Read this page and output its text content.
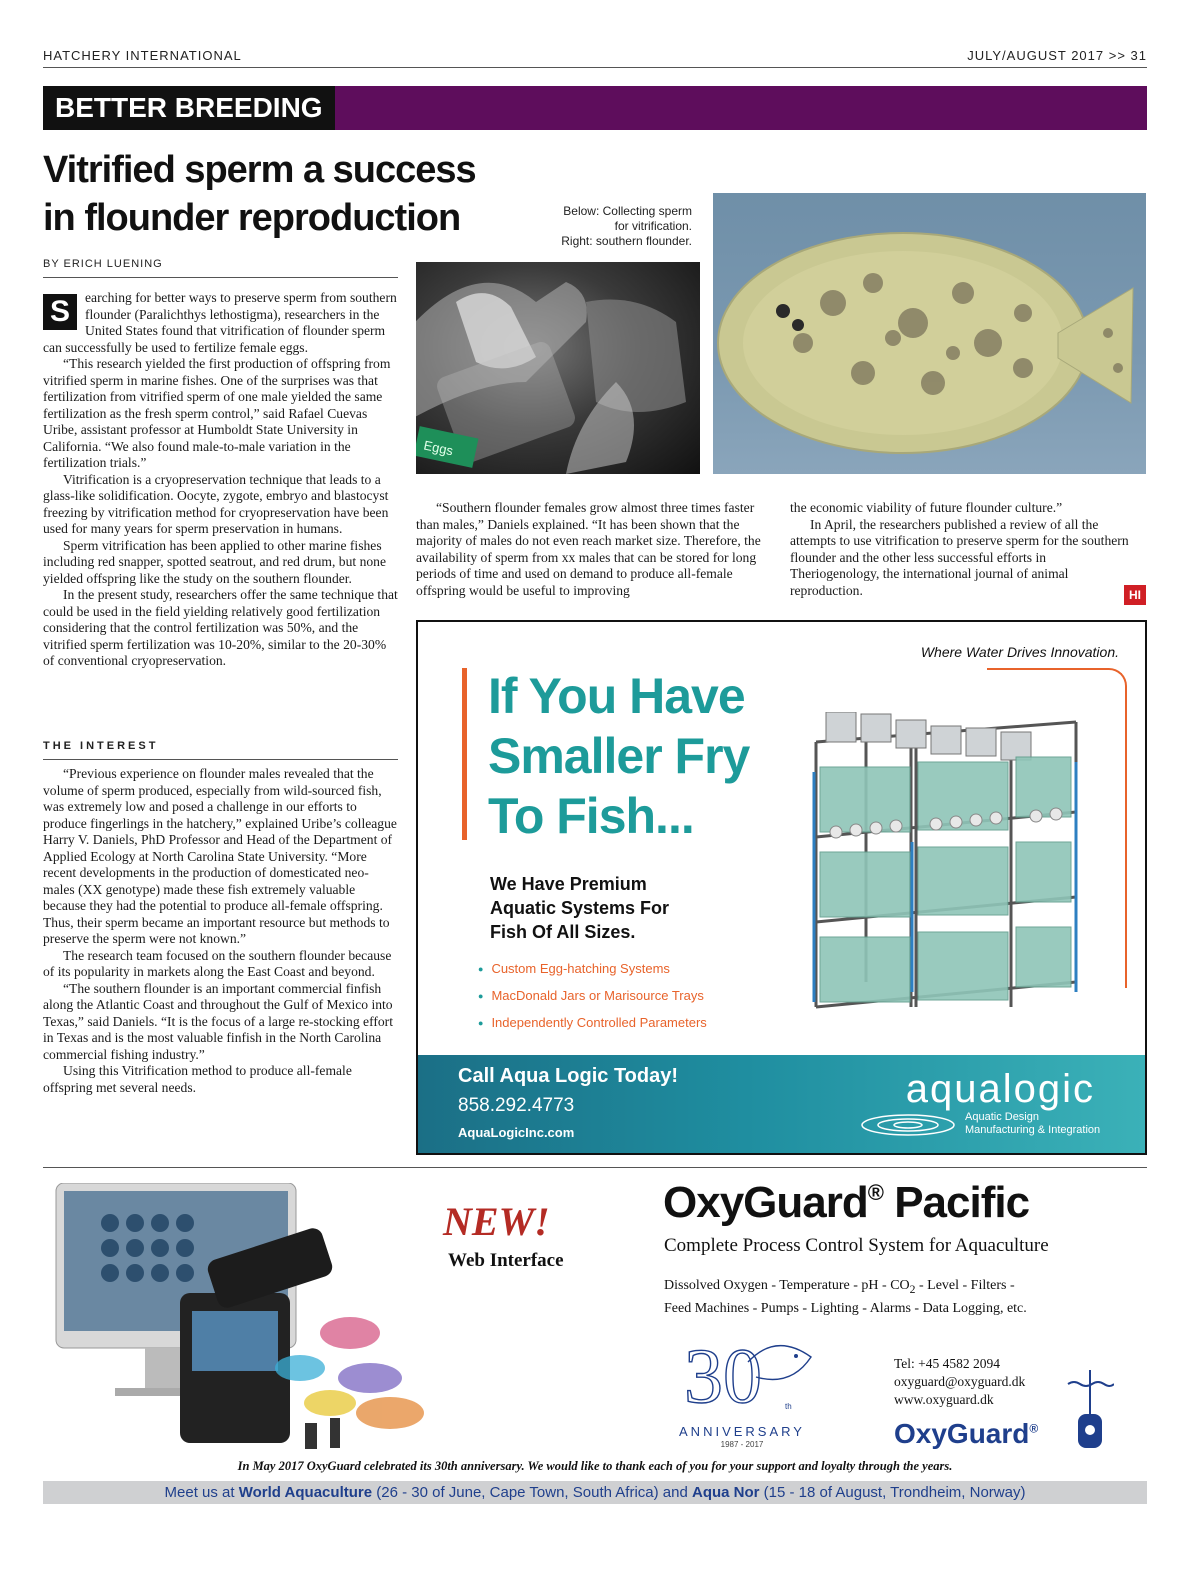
HATCHERY INTERNATIONAL	JULY/AUGUST 2017 >> 31
BETTER BREEDING
Vitrified sperm a success
in flounder reproduction
BY ERICH LUENING

S	earching for better ways to preserve sperm from southern flounder (Paralichthys lethostigma), researchers in the United States found that vitrification of flounder sperm can successfully be used to fertilize female eggs.

“This research yielded the first production of offspring from vitrified sperm in marine fishes. One of the surprises was that fertilization from vitrified sperm of one male yielded the same fertilization as the fresh sperm control,” said Rafael Cuevas Uribe, assistant professor at Humboldt State University in California. “We also found male-to-male variation in the fertilization trials.”

Vitrification is a cryopreservation technique that leads to a glass-like solidification. Oocyte, zygote, embryo and blastocyst freezing by vitrification method for cryopreservation have been used for many years for sperm preservation in humans.

Sperm vitrification has been applied to other marine fishes including red snapper, spotted seatrout, and red drum, but none yielded offspring like the study on the southern flounder.

In the present study, researchers offer the same technique that could be used in the field yielding relatively good fertilization considering that the control fertilization was 50%, and the vitrified sperm fertilization was 10-20%, similar to the 20-30% of conventional cryopreservation.

THE INTEREST

“Previous experience on flounder males revealed that the volume of sperm produced, especially from wild-sourced fish, was extremely low and posed a challenge in our efforts to produce fingerlings in the hatchery,” explained Uribe’s colleague Harry V. Daniels, PhD Professor and Head of the Department of Applied Ecology at North Carolina State University. “More recent developments in the production of domesticated neo-males (XX genotype) made these fish extremely valuable because they had the potential to produce all-female offspring. Thus, their sperm became an important resource but methods to preserve the sperm were not known.”

The research team focused on the southern flounder because of its popularity in markets along the East Coast and beyond.

“The southern flounder is an important commercial finfish along the Atlantic Coast and throughout the Gulf of Mexico into Texas,” said Daniels. “It is the focus of a large re-stocking effort in Texas and is the most valuable finfish in the North Carolina commercial fishing industry.”

Using this Vitrification method to produce all-female offspring met several needs.

Below: Collecting sperm
for vitrification.
Right: southern flounder.
Eggs

“Southern flounder females grow almost three times faster than males,” Daniels explained. “It has been shown that the majority of males do not even reach market size. Therefore, the availability of sperm from xx males that can be stored for long periods of time and used on demand to produce all-female offspring would be useful to improving

the economic viability of future flounder culture.”

In April, the researchers published a review of all the attempts to use vitrification to preserve sperm for the southern flounder and the other less successful efforts in Theriogenology, the international journal of animal reproduction.	HI
Where Water Drives Innovation.
If You Have
Smaller Fry
To Fish...
We Have Premium
Aquatic Systems For
Fish Of All Sizes.
● Custom Egg-hatching Systems
● MacDonald Jars or Marisource Trays
● Independently Controlled Parameters
Call Aqua Logic Today!
858.292.4773
AquaLogicInc.com
aqualogic
Aquatic Design
Manufacturing & Integration
NEW!
Web Interface
OxyGuard® Pacific
Complete Process Control System for Aquaculture
Dissolved Oxygen - Temperature - pH - $CO_2$ - Level - Filters -
Feed Machines - Pumps - Lighting - Alarms - Data Logging, etc.
30	th
ANNIVERSARY
1987 - 2017
Tel: +45 4582 2094
oxyguard@oxyguard.dk
www.oxyguard.dk
OxyGuard®
In May 2017 OxyGuard celebrated its 30th anniversary. We would like to thank each of you for your support and loyalty through the years.
Meet us at World Aquaculture (26 - 30 of June, Cape Town, South Africa) and Aqua Nor (15 - 18 of August, Trondheim, Norway)
